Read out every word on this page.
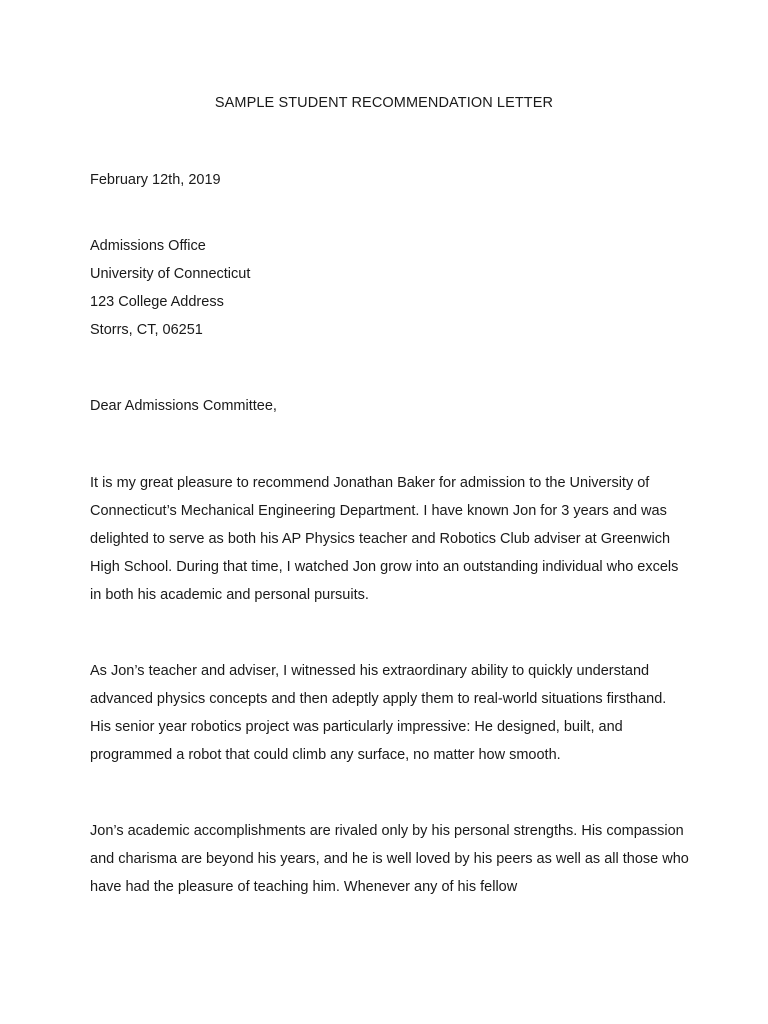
SAMPLE STUDENT RECOMMENDATION LETTER

February 12th, 2019

Admissions Office
University of Connecticut
123 College Address
Storrs, CT, 06251

Dear Admissions Committee,

It is my great pleasure to recommend Jonathan Baker for admission to the University of Connecticut’s Mechanical Engineering Department. I have known Jon for 3 years and was delighted to serve as both his AP Physics teacher and Robotics Club adviser at Greenwich High School. During that time, I watched Jon grow into an outstanding individual who excels in both his academic and personal pursuits.

As Jon’s teacher and adviser, I witnessed his extraordinary ability to quickly understand advanced physics concepts and then adeptly apply them to real-world situations firsthand. His senior year robotics project was particularly impressive: He designed, built, and programmed a robot that could climb any surface, no matter how smooth.

Jon’s academic accomplishments are rivaled only by his personal strengths. His compassion and charisma are beyond his years, and he is well loved by his peers as well as all those who have had the pleasure of teaching him. Whenever any of his fellow
